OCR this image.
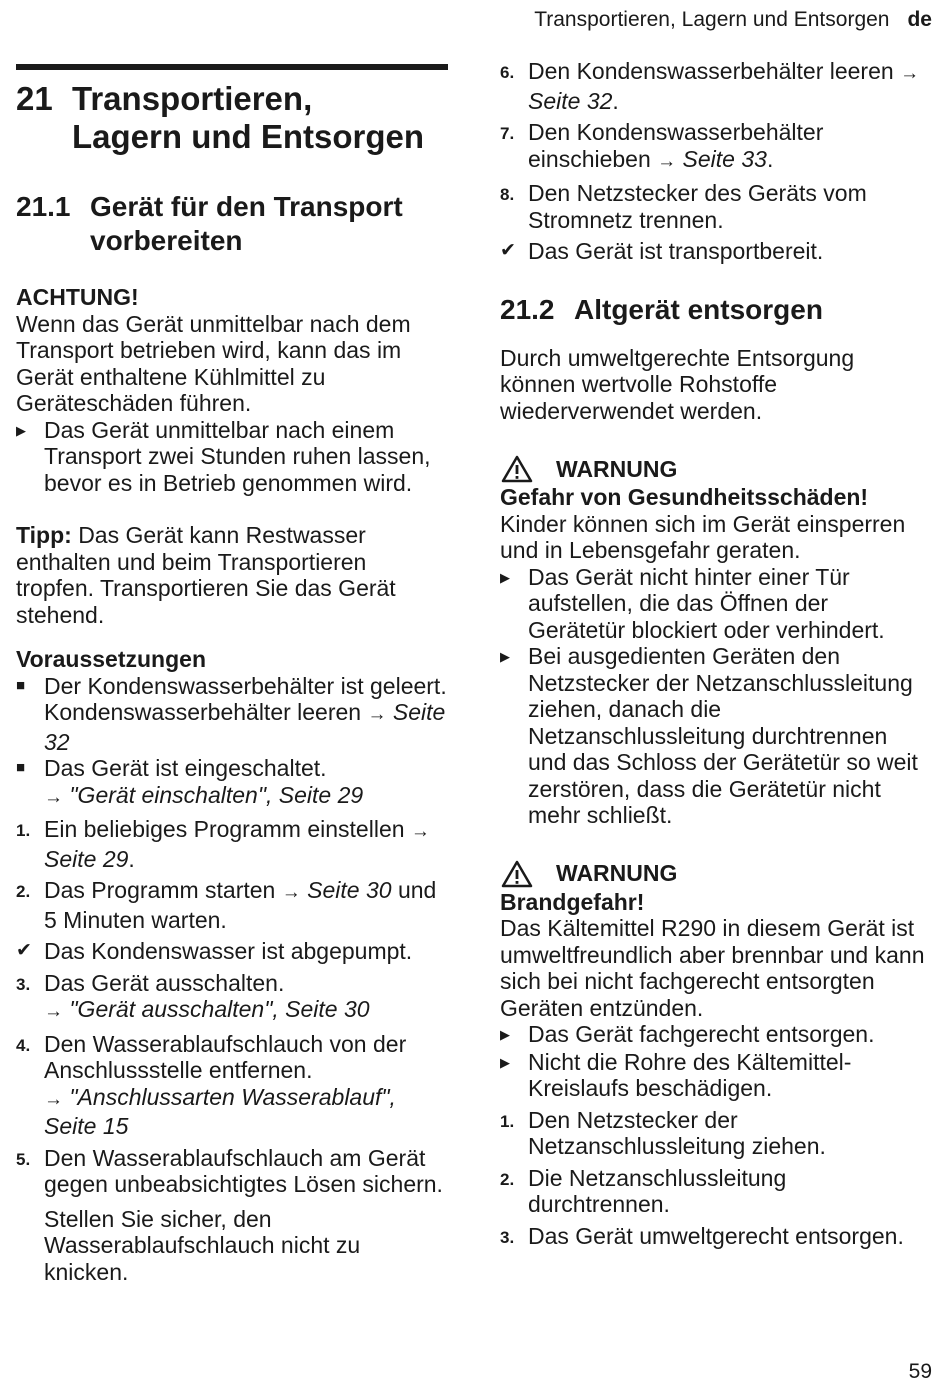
Transportieren, Lagern und Entsorgen de
21 Transportieren,
Lagern und Entsorgen
21.1 Gerät für den Transport
vorbereiten

ACHTUNG!

Wenn das Gerät unmittelbar nach dem Transport betrieben wird, kann das im Gerät enthaltene Kühlmittel zu Geräteschäden führen.

▶ Das Gerät unmittelbar nach einem Transport zwei Stunden ruhen lassen, bevor es in Betrieb genommen wird.

Tipp: Das Gerät kann Restwasser enthalten und beim Transportieren tropfen. Transportieren Sie das Gerät stehend.

Voraussetzungen

■ Der Kondenswasserbehälter ist geleert. Kondenswasserbehälter leeren → Seite 32
■ Das Gerät ist eingeschaltet.
→ "Gerät einschalten", Seite 29
1. Ein beliebiges Programm einstellen → Seite 29.
2. Das Programm starten → Seite 30 und 5 Minuten warten.
✔ Das Kondenswasser ist abgepumpt.
3. Das Gerät ausschalten.
→ "Gerät ausschalten", Seite 30
4. Den Wasserablaufschlauch von der Anschlussstelle entfernen.
→ "Anschlussarten Wasserablauf", Seite 15
5. Den Wasserablaufschlauch am Gerät gegen unbeabsichtigtes Lösen sichern.

Stellen Sie sicher, den Wasserablaufschlauch nicht zu knicken.

6. Den Kondenswasserbehälter leeren → Seite 32.
7. Den Kondenswasserbehälter einschieben → Seite 33.
8. Den Netzstecker des Geräts vom Stromnetz trennen.
✔ Das Gerät ist transportbereit.
21.2 Altgerät entsorgen

Durch umweltgerechte Entsorgung können wertvolle Rohstoffe wiederverwendet werden.

WARNUNG

Gefahr von Gesundheitsschäden!

Kinder können sich im Gerät einsperren und in Lebensgefahr geraten.

▶ Das Gerät nicht hinter einer Tür aufstellen, die das Öffnen der Gerätetür blockiert oder verhindert.
▶ Bei ausgedienten Geräten den Netzstecker der Netzanschlussleitung ziehen, danach die Netzanschlussleitung durchtrennen und das Schloss der Gerätetür so weit zerstören, dass die Gerätetür nicht mehr schließt.
WARNUNG

Brandgefahr!

Das Kältemittel R290 in diesem Gerät ist umweltfreundlich aber brennbar und kann sich bei nicht fachgerecht entsorgten Geräten entzünden.

▶ Das Gerät fachgerecht entsorgen.
▶ Nicht die Rohre des Kältemittel-Kreislaufs beschädigen.
1. Den Netzstecker der Netzanschlussleitung ziehen.
2. Die Netzanschlussleitung durchtrennen.
3. Das Gerät umweltgerecht entsorgen.
59
